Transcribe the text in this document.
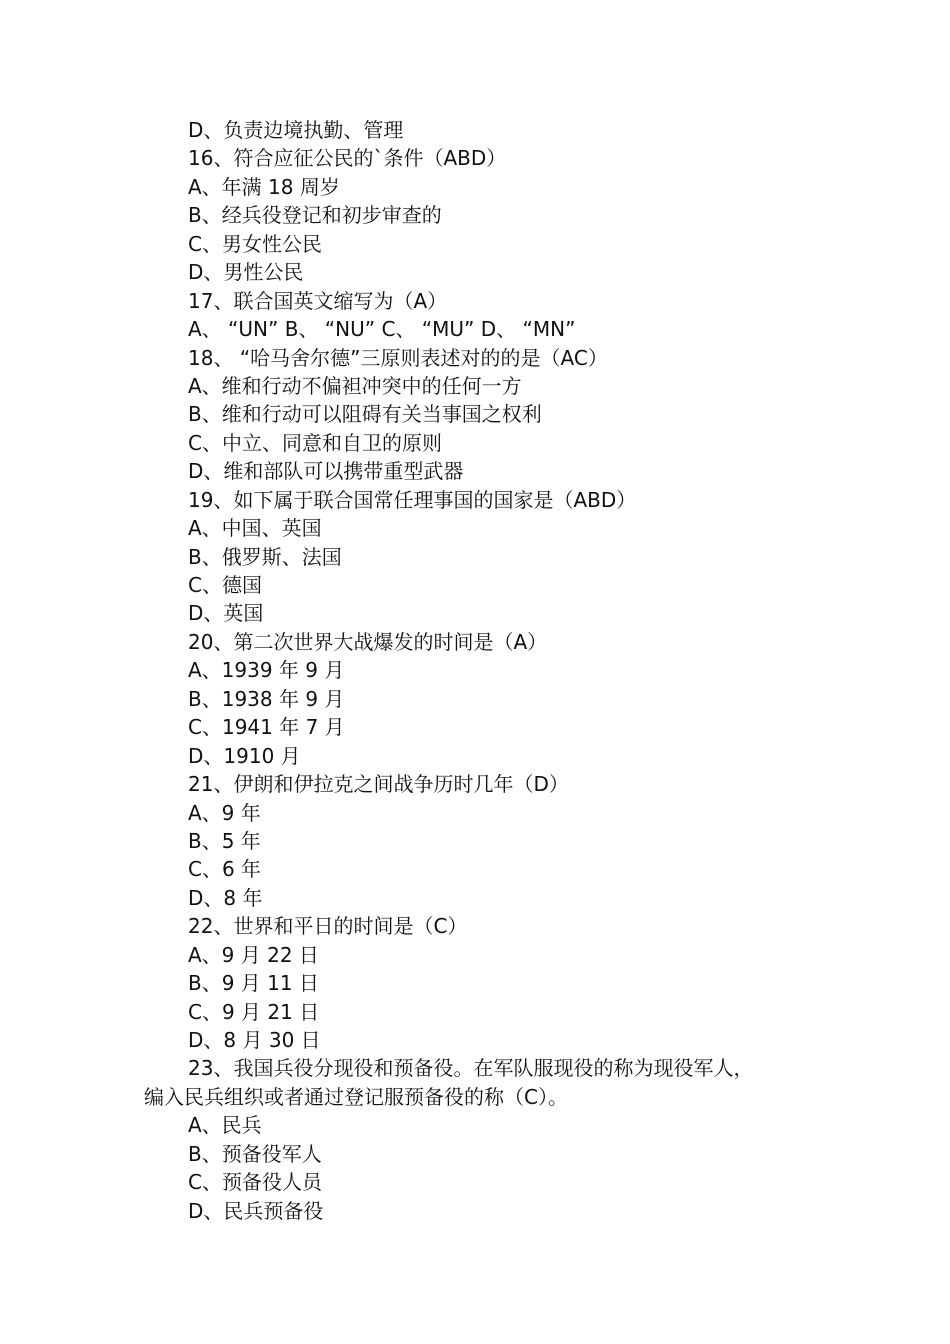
D、负责边境执勤、管理
16、符合应征公民的`条件（ABD）
A、年满 18 周岁
B、经兵役登记和初步审查的
C、男女性公民
D、男性公民
17、联合国英文缩写为（A）
A、 “UN” B、 “NU” C、 “MU” D、 “MN”
18、 “哈马舍尔德”三原则表述对的的是（AC）
A、维和行动不偏袒冲突中的任何一方
B、维和行动可以阻碍有关当事国之权利
C、中立、同意和自卫的原则
D、维和部队可以携带重型武器
19、如下属于联合国常任理事国的国家是（ABD）
A、中国、英国
B、俄罗斯、法国
C、德国
D、英国
20、第二次世界大战爆发的时间是（A）
A、1939 年 9 月
B、1938 年 9 月
C、1941 年 7 月
D、1910 月
21、伊朗和伊拉克之间战争历时几年（D）
A、9 年
B、5 年
C、6 年
D、8 年
22、世界和平日的时间是（C）
A、9 月 22 日
B、9 月 11 日
C、9 月 21 日
D、8 月 30 日
23、我国兵役分现役和预备役。在军队服现役的称为现役军人，
编入民兵组织或者通过登记服预备役的称（C）。
A、民兵
B、预备役军人
C、预备役人员
D、民兵预备役
